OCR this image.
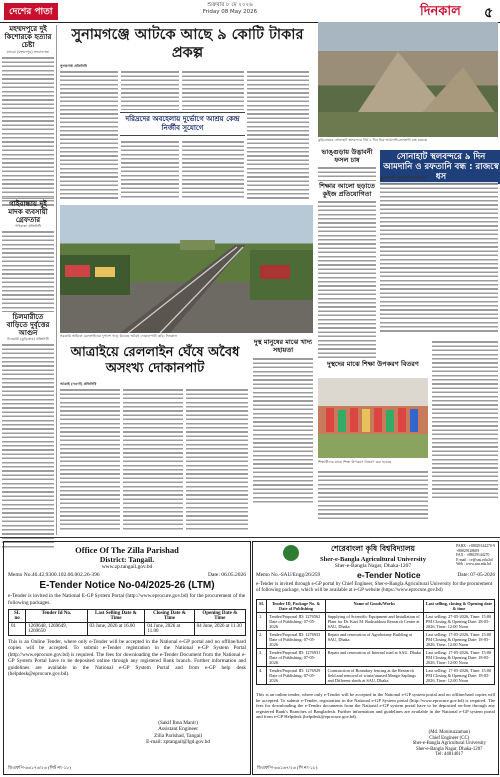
দেশের পাতা
শুক্রবার ৮ মে ২০২৬
Friday 08 May 2026	দিনকাল ৫
মহম্মদপুরে দুই কিশোরকে হত্যার চেষ্টা
মাগুরা (মহম্মদপুর) সংবাদদাতা
গাইবান্ধায় দুই মাদক ব্যবসায়ী গ্রেফতার
গাইবান্ধা প্রতিনিধি
চিলমারীতে বাড়িতে দুর্বৃত্তের আগুন
চিলমারী (কুড়িগ্রাম) প্রতিনিধি
সুনামগঞ্জে আটকে আছে ৯ কোটি টাকার প্রকল্প
সুনামগঞ্জ প্রতিনিধি
দরিদ্রদের অবহেলায় দুর্ভোগে আশ্রয় কেন্দ্র নির্জীব সুযোগে
সরকারি জমিতে রেললাইনের দুপাশে গড়ে উঠেছে অবৈধ দোকানপাট। ছবি: দিনকাল
আত্রাইয়ে রেললাইন ঘেঁষে অবৈধ অসংখ্য দোকানপাট
আত্রাই (নওগাঁ) প্রতিনিধি
দুস্থ মানুষের মাঝে খাদ্য সহায়তা
কুড়িগ্রামের সোনাহাট স্থলবন্দরে দীর্ঘ ৯ দিন ধরে আমদানি-রফতানি বন্ধ রয়েছে
ভাঙ্গুড়ায় উদ্ভাবনী ফসল চাষ
শিক্ষার আলো ছড়াতে কুইজ প্রতিযোগিতা
সোনাহাট স্থলবন্দরে ৯ দিন আমদানি ও রফতানি বন্ধ : রাজস্বে ধস
ভুরুঙ্গামারী (কুড়িগ্রাম) প্রতিনিধি
দুস্থদের মাঝে শিক্ষা উপকরণ বিতরণ
শিক্ষার্থীদের মাঝে শিক্ষা উপকরণ বিতরণ করা হয়েছে
Office Of The Zilla Parishad
District: Tangail.
www.zp.tangail.gov.bd
Memo No.46.42.9300.102.06.002.26-396	Date: 06.05.2026
E-Tender Notice No-04/2025-26 (LTM)
e-Tender is invited in the National E-GP System Portal (http://www.eprocure.gov.bd) for the procurement of the following packages.
SL no	Tender Id No.	Last Selling Date & Time	Closing Date & Time	Opening Date & Time
01	1269648, 1269649, 1269650	03 June, 2026 at 16.00	04 June, 2026 at 11.00	04 June, 2026 at 11.30
This is an Online Tender, where only e-Tender will be accepted in the National e-GP portal and no offline/hard copies will be accepted. To submit e-Tender registration in the National e-GP System Portal (http://www.eprocure.gov.bd) is required. The fees for downloading the e-Tender Document from the National e-GP System Portal have to be deposited online through any registered Bank branch. Further information and guidelines are available in the National e-GP System Portal and from e-GP help desk (helpdesk@eprocure.gov.bd).
(Sakif Ibna Manir)
Assistant Engineer
Zilla Parishad, Tangail
E-mail: zptangail@lgd.gov.bd
ডিএফপি-৬৬১৭৬/২৬ (সিট নং-১৮)
শেরেবাংলা কৃষি বিশ্ববিদ্যালয়
Sher-e-Bangla Agricultural University
Sher-e-Bangla Nagar, Dhaka-1207
PABX : +88029144270-9
+88029128609
FAX : +88029144270
E-mail : ce@sau.edu.bd
Web : www.sau.edu.bd
Memo No.-SAU/Engg/26/259	e-Tender Notice	Date: 07-05-2026
e-Tender is invited through e-GP portal by Chief Engineer, Sher-e-Bangla Agricultural University for the procurement of following package, which will be available at e-GP website (https://www.eprocure.gov.bd)
SL	Tender ID, Package No. & Date of Publishing	Name of Goods/Works	Last selling, closing & Opening date & time
1.	Tender/Proposal ID: 1276562 Date of Publishing: 07-05-2026	Supplying of Scientific Equipment and Installation of Plant for Dr. Kazi M. Badruddoza Research Centre at SAU, Dhaka	Last selling: 27-05-2026, Time: 15:00 PM Closing & Opening Date: 28-05-2026, Time: 12:00 Noon
2.	Tender/Proposal ID: 1276933 Date of Publishing: 07-05-2026	Repair and renovation of Agrobotany Building at SAU, Dhaka	Last selling: 17-05-2026, Time: 15:00 PM Closing & Opening Date: 18-05-2026, Time: 12:00 Noon
3.	Tender/Proposal ID: 1276931 Date of Publishing: 07-05-2026	Repair and renovation of Internal road at SAU, Dhaka	Last selling: 17-05-2026, Time: 15:00 PM Closing & Opening Date: 18-05-2026, Time: 12:00 Noon
4.	Tender/Proposal ID: 1276929 Date of Publishing: 07-05-2026	Construction of Boundary fencing at the Research field and removal of waste/unused Mango Saplings and Different sheds at SAU, Dhaka	Last selling: 17-05-2026, Time: 15:00 PM Closing & Opening Date: 18-05-2026, Time: 12:00 Noon
This is an online tender, where only e-Tender will be accepted in the National e-GP system portal and no offline/hard copies will be accepted. To submit e-Tender, registration in the National e-GP System portal (http://www.eprocure.gov.bd) is required. The fees for downloading the e-Tender documents from the National e-GP system portal have to be deposited on-line through any registered Bank's Branches of Bangladesh. Further information and guidelines are available in the National e-GP system portal and from e-GP Helpdesk (helpdesk@eprocure.gov.bd).
(Md. Moniruzzaman)
Chief Engineer (CC)
Sher-e-Bangla Agricultural University
Sher-e-Bangla Nagar, Dhaka-1207
Tel: 44814017
ডিএফপি-৬৬১৬৭/২৬ (সি নং-১৮)
